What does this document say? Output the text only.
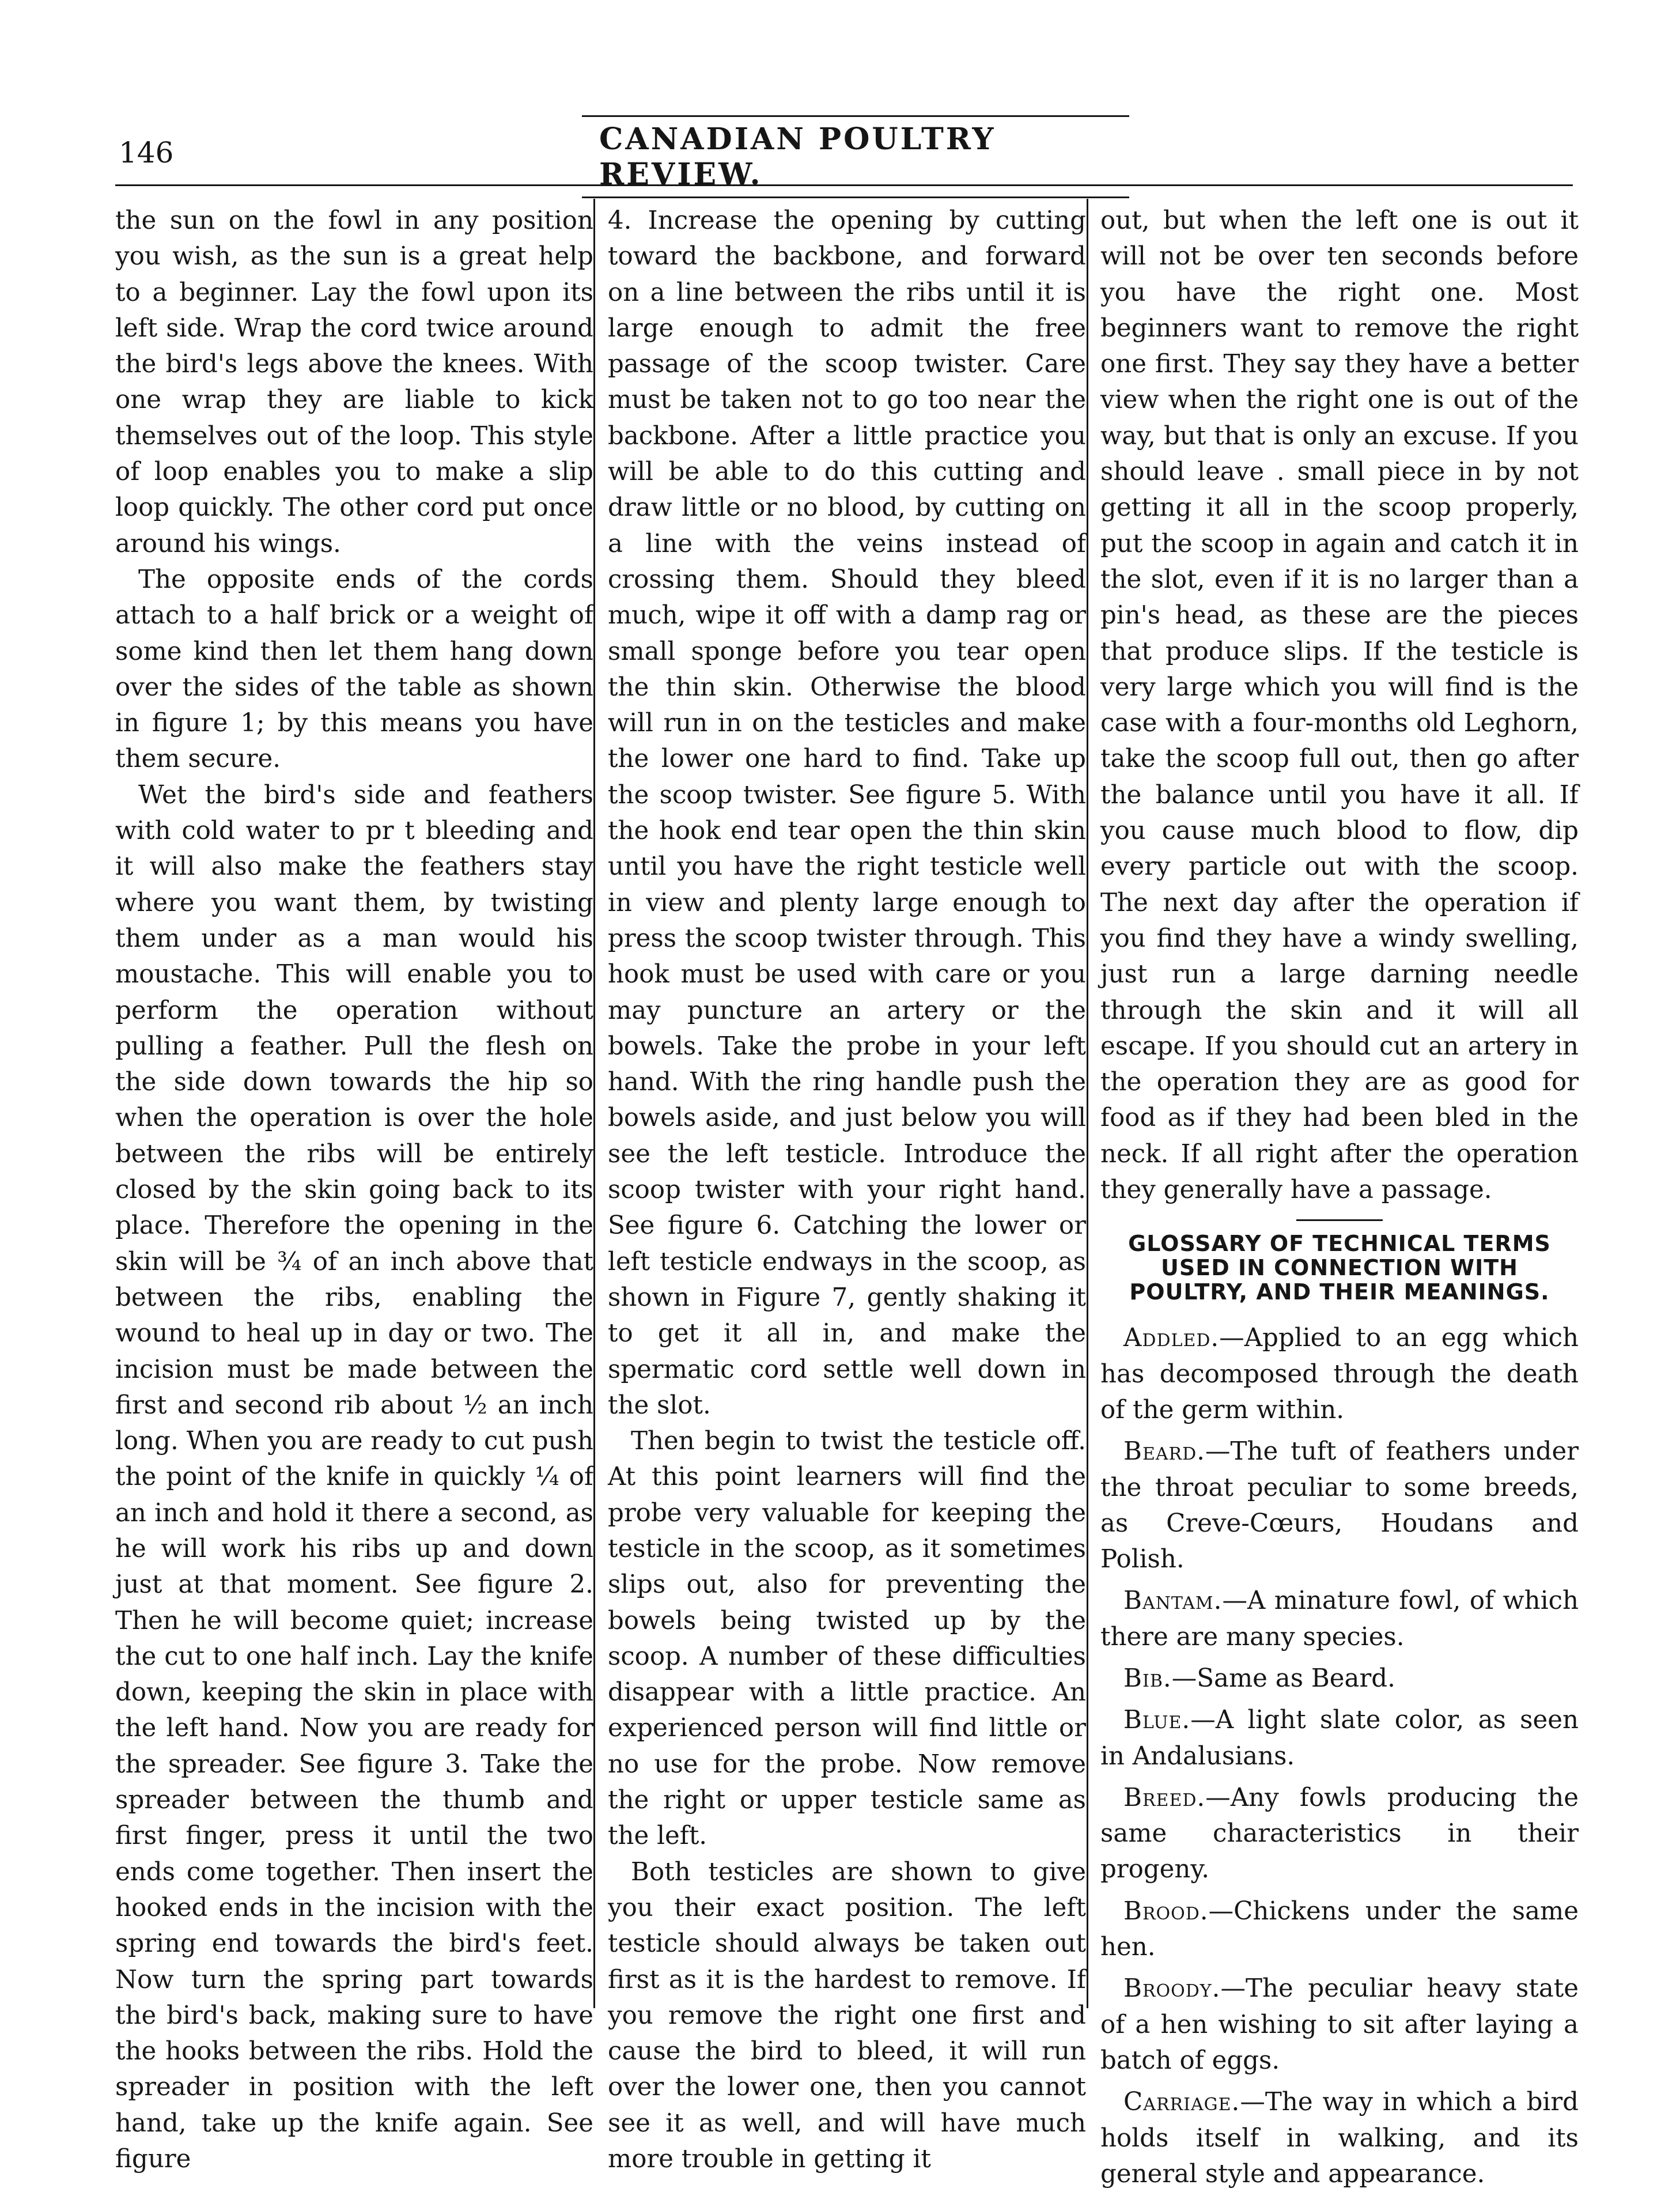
146	CANADIAN POULTRY REVIEW.

the sun on the fowl in any position you wish, as the sun is a great help to a beginner. Lay the fowl upon its left side. Wrap the cord twice around the bird's legs above the knees. With one wrap they are liable to kick themselves out of the loop. This style of loop enables you to make a slip loop quickly. The other cord put once around his wings.

The opposite ends of the cords attach to a half brick or a weight of some kind then let them hang down over the sides of the table as shown in figure 1; by this means you have them secure.

Wet the bird's side and feathers with cold water to pr t bleeding and it will also make the feathers stay where you want them, by twisting them under as a man would his moustache. This will enable you to perform the operation without pulling a feather. Pull the flesh on the side down towards the hip so when the operation is over the hole between the ribs will be entirely closed by the skin going back to its place. Therefore the opening in the skin will be ¾ of an inch above that between the ribs, enabling the wound to heal up in day or two. The incision must be made between the first and second rib about ½ an inch long. When you are ready to cut push the point of the knife in quickly ¼ of an inch and hold it there a second, as he will work his ribs up and down just at that moment. See figure 2. Then he will become quiet; increase the cut to one half inch. Lay the knife down, keeping the skin in place with the left hand. Now you are ready for the spreader. See figure 3. Take the spreader between the thumb and first finger, press it until the two ends come together. Then insert the hooked ends in the incision with the spring end towards the bird's feet. Now turn the spring part towards the bird's back, making sure to have the hooks between the ribs. Hold the spreader in position with the left hand, take up the knife again. See figure

4. Increase the opening by cutting toward the backbone, and forward on a line between the ribs until it is large enough to admit the free passage of the scoop twister. Care must be taken not to go too near the backbone. After a little practice you will be able to do this cutting and draw little or no blood, by cutting on a line with the veins instead of crossing them. Should they bleed much, wipe it off with a damp rag or small sponge before you tear open the thin skin. Otherwise the blood will run in on the testicles and make the lower one hard to find. Take up the scoop twister. See figure 5. With the hook end tear open the thin skin until you have the right testicle well in view and plenty large enough to press the scoop twister through. This hook must be used with care or you may puncture an artery or the bowels. Take the probe in your left hand. With the ring handle push the bowels aside, and just below you will see the left testicle. Introduce the scoop twister with your right hand. See figure 6. Catching the lower or left testicle endways in the scoop, as shown in Figure 7, gently shaking it to get it all in, and make the spermatic cord settle well down in the slot.

Then begin to twist the testicle off. At this point learners will find the probe very valuable for keeping the testicle in the scoop, as it sometimes slips out, also for preventing the bowels being twisted up by the scoop. A number of these difficulties disappear with a little practice. An experienced person will find little or no use for the probe. Now remove the right or upper testicle same as the left.

Both testicles are shown to give you their exact position. The left testicle should always be taken out first as it is the hardest to remove. If you remove the right one first and cause the bird to bleed, it will run over the lower one, then you cannot see it as well, and will have much more trouble in getting it

out, but when the left one is out it will not be over ten seconds before you have the right one. Most beginners want to remove the right one first. They say they have a better view when the right one is out of the way, but that is only an excuse. If you should leave . small piece in by not getting it all in the scoop properly, put the scoop in again and catch it in the slot, even if it is no larger than a pin's head, as these are the pieces that produce slips. If the testicle is very large which you will find is the case with a four-months old Leghorn, take the scoop full out, then go after the balance until you have it all. If you cause much blood to flow, dip every particle out with the scoop. The next day after the operation if you find they have a windy swelling, just run a large darning needle through the skin and it will all escape. If you should cut an artery in the operation they are as good for food as if they had been bled in the neck. If all right after the operation they generally have a passage.

GLOSSARY OF TECHNICAL TERMS USED IN CONNECTION WITH POULTRY, AND THEIR MEANINGS.

Addled.—Applied to an egg which has decomposed through the death of the germ within.

Beard.—The tuft of feathers under the throat peculiar to some breeds, as Creve-Cœurs, Houdans and Polish.

Bantam.—A minature fowl, of which there are many species.

Bib.—Same as Beard.

Blue.—A light slate color, as seen in Andalusians.

Breed.—Any fowls producing the same characteristics in their progeny.

Brood.—Chickens under the same hen.

Broody.—The peculiar heavy state of a hen wishing to sit after laying a batch of eggs.

Carriage.—The way in which a bird holds itself in walking, and its general style and appearance.
